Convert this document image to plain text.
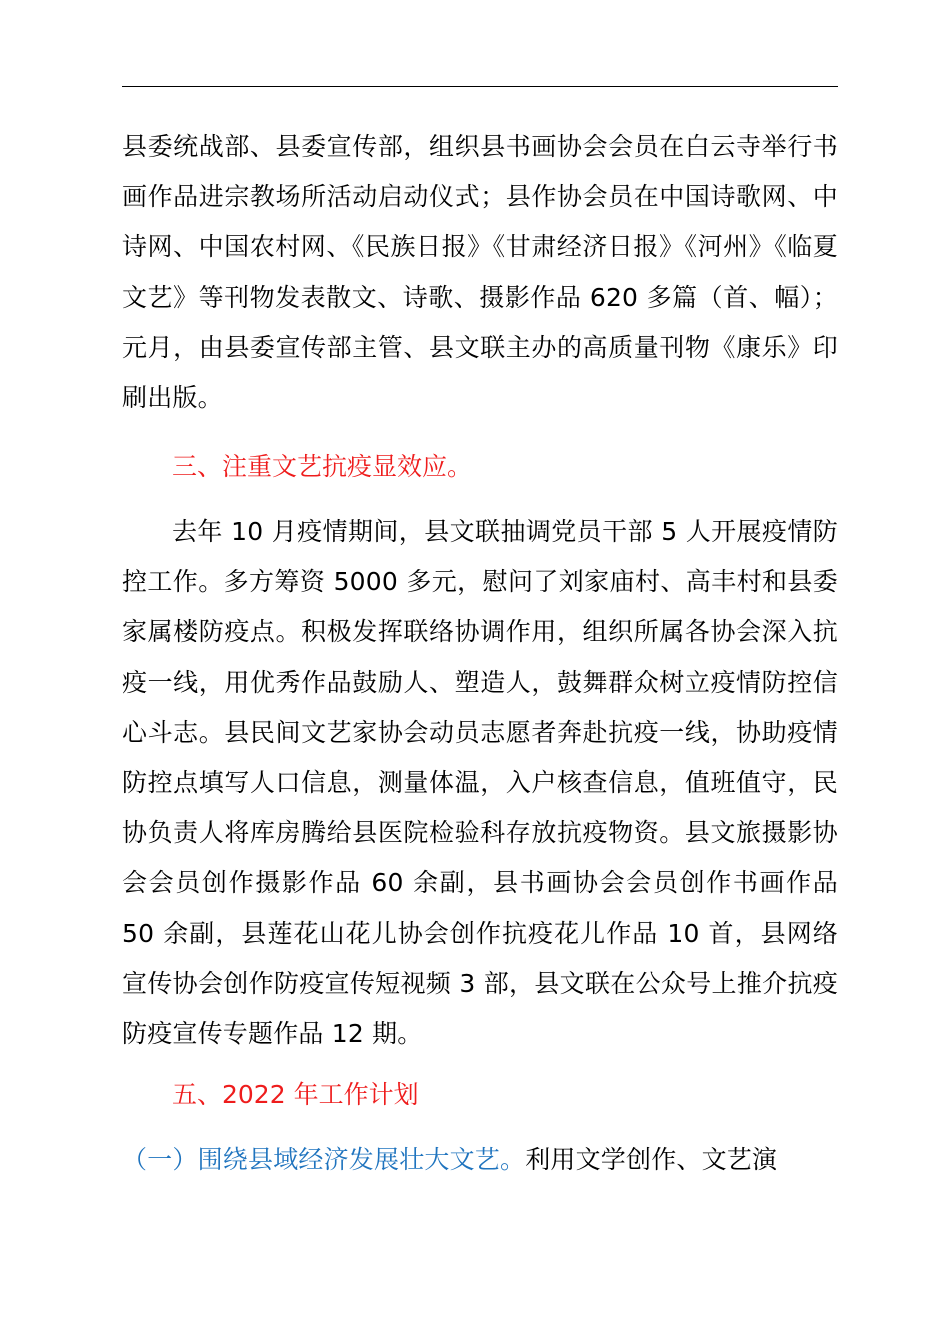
县委统战部、县委宣传部，组织县书画协会会员在白云寺举行书画作品进宗教场所活动启动仪式；县作协会员在中国诗歌网、中诗网、中国农村网、《民族日报》《甘肃经济日报》《河州》《临夏文艺》等刊物发表散文、诗歌、摄影作品 620 多篇（首、幅）；元月，由县委宣传部主管、县文联主办的高质量刊物《康乐》印刷出版。

三、注重文艺抗疫显效应。

去年 10 月疫情期间，县文联抽调党员干部 5 人开展疫情防控工作。多方筹资 5000 多元，慰问了刘家庙村、高丰村和县委家属楼防疫点。积极发挥联络协调作用，组织所属各协会深入抗疫一线，用优秀作品鼓励人、塑造人，鼓舞群众树立疫情防控信心斗志。县民间文艺家协会动员志愿者奔赴抗疫一线，协助疫情防控点填写人口信息，测量体温，入户核查信息，值班值守，民协负责人将库房腾给县医院检验科存放抗疫物资。县文旅摄影协会会员创作摄影作品 60 余副，县书画协会会员创作书画作品 50 余副，县莲花山花儿协会创作抗疫花儿作品 10 首，县网络宣传协会创作防疫宣传短视频 3 部，县文联在公众号上推介抗疫防疫宣传专题作品 12 期。

五、2022 年工作计划

（一）围绕县域经济发展壮大文艺。利用文学创作、文艺演
